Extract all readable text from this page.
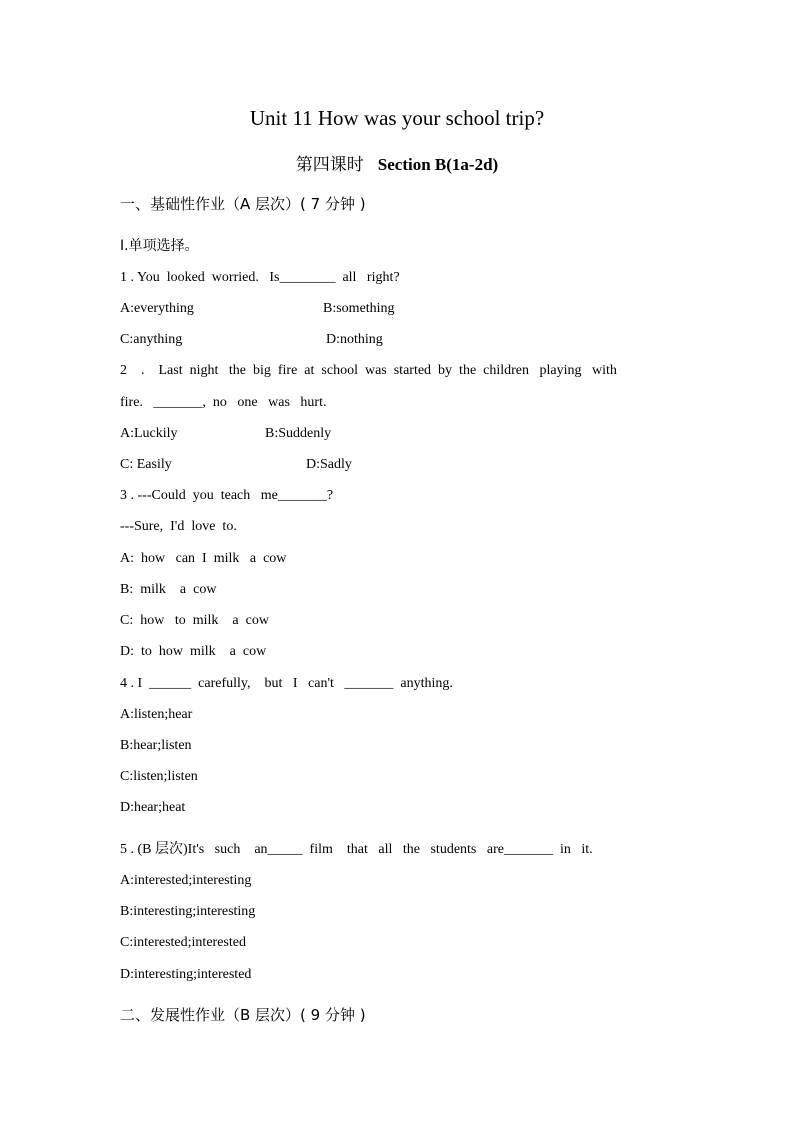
Unit 11 How was your school trip?
第四课时 Section B(1a-2d)
一、基础性作业（A 层次）( 7 分钟 )
I.单项选择。
1 . You  looked  worried.   Is________  all   right?
A:everything	B:something
C:anything	D:nothing
2    .    Last  night   the  big  fire  at  school  was  started  by  the  children   playing   with
fire.   _______,  no   one   was   hurt.
A:Luckily	B:Suddenly
C: Easily	D:Sadly
3 . ---Could  you  teach   me_______?
---Sure,  I'd  love  to.
A:  how   can  I  milk   a  cow
B:  milk    a  cow
C:  how   to  milk    a  cow
D:  to  how  milk    a  cow
4 . I  ______  carefully,    but   I   can't   _______  anything.
A:listen;hear
B:hear;listen
C:listen;listen
D:hear;heat
5 . (B 层次)It's   such    an_____  film    that   all   the   students   are_______  in   it.
A:interested;interesting
B:interesting;interesting
C:interested;interested
D:interesting;interested
二、发展性作业（B 层次）( 9 分钟 )
